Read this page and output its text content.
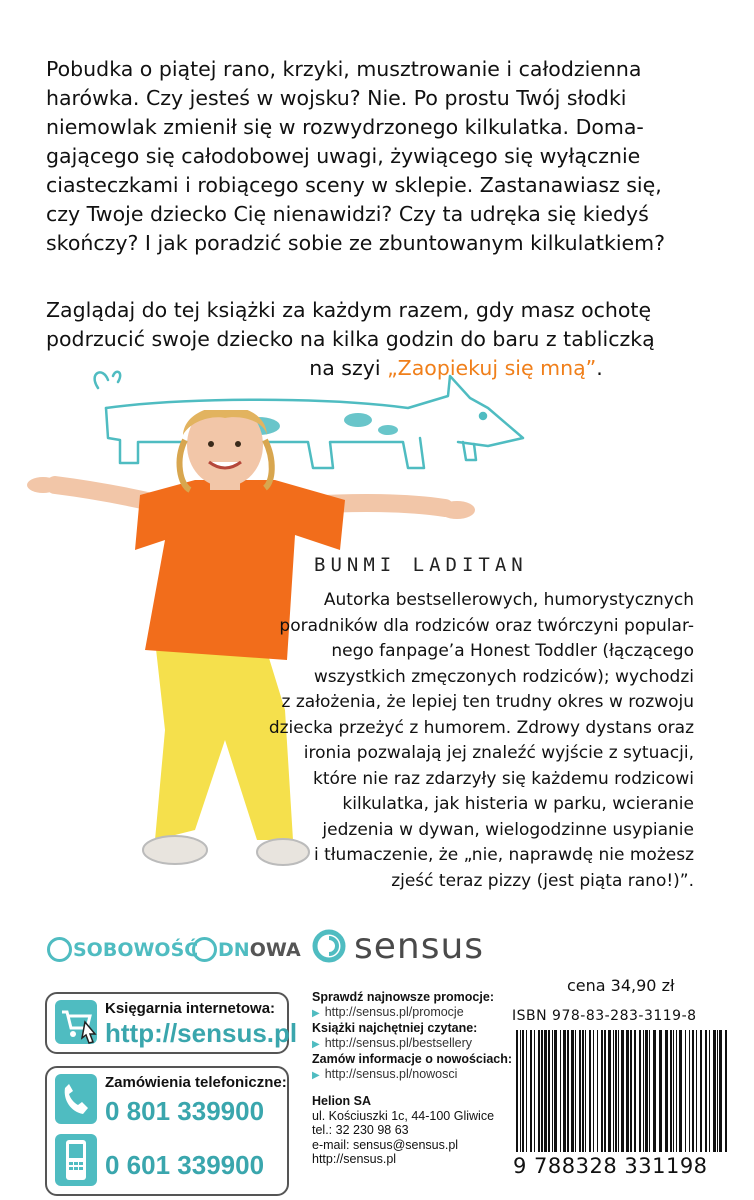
Pobudka o piątej rano, krzyki, musztrowanie i całodzienna

harówka. Czy jesteś w wojsku? Nie. Po prostu Twój słodki

niemowlak zmienił się w rozwydrzonego kilkulatka. Doma-

gającego się całodobowej uwagi, żywiącego się wyłącznie

ciasteczkami i robiącego sceny w sklepie. Zastanawiasz się,

czy Twoje dziecko Cię nienawidzi? Czy ta udręka się kiedyś

skończy? I jak poradzić sobie ze zbuntowanym kilkulatkiem?

Zaglądaj do tej książki za każdym razem, gdy masz ochotę

podrzucić swoje dziecko na kilka godzin do baru z tabliczką

na szyi „Zaopiekuj się mną”.

BUNMI LADITAN
Autorka bestsellerowych, humorystycznych
poradników dla rodziców oraz twórczyni popular-
nego fanpage’a Honest Toddler (łączącego
wszystkich zmęczonych rodziców); wychodzi
z założenia, że lepiej ten trudny okres w rozwoju
dziecka przeżyć z humorem. Zdrowy dystans oraz
ironia pozwalają jej znaleźć wyjście z sytuacji,
które nie raz zdarzyły się każdemu rodzicowi
kilkulatka, jak histeria w parku, wcieranie
jedzenia w dywan, wielogodzinne usypianie
i tłumaczenie, że „nie, naprawdę nie możesz
zjeść teraz pizzy (jest piąta rano!)”.
SOBOWOŚĆ DN OWA sensus
Księgarnia internetowa:
http://sensus.pl
Zamówienia telefoniczne:
0 801 339900
0 601 339900
Sprawdź najnowsze promocje:
▶ http://sensus.pl/promocje
Książki najchętniej czytane:
▶ http://sensus.pl/bestsellery
Zamów informacje o nowościach:
▶ http://sensus.pl/nowosci
Helion SA
ul. Kościuszki 1c, 44-100 Gliwice
tel.: 32 230 98 63
e-mail: sensus@sensus.pl
http://sensus.pl
cena 34,90 zł
ISBN 978-83-283-3119-8
9 788328 331198
